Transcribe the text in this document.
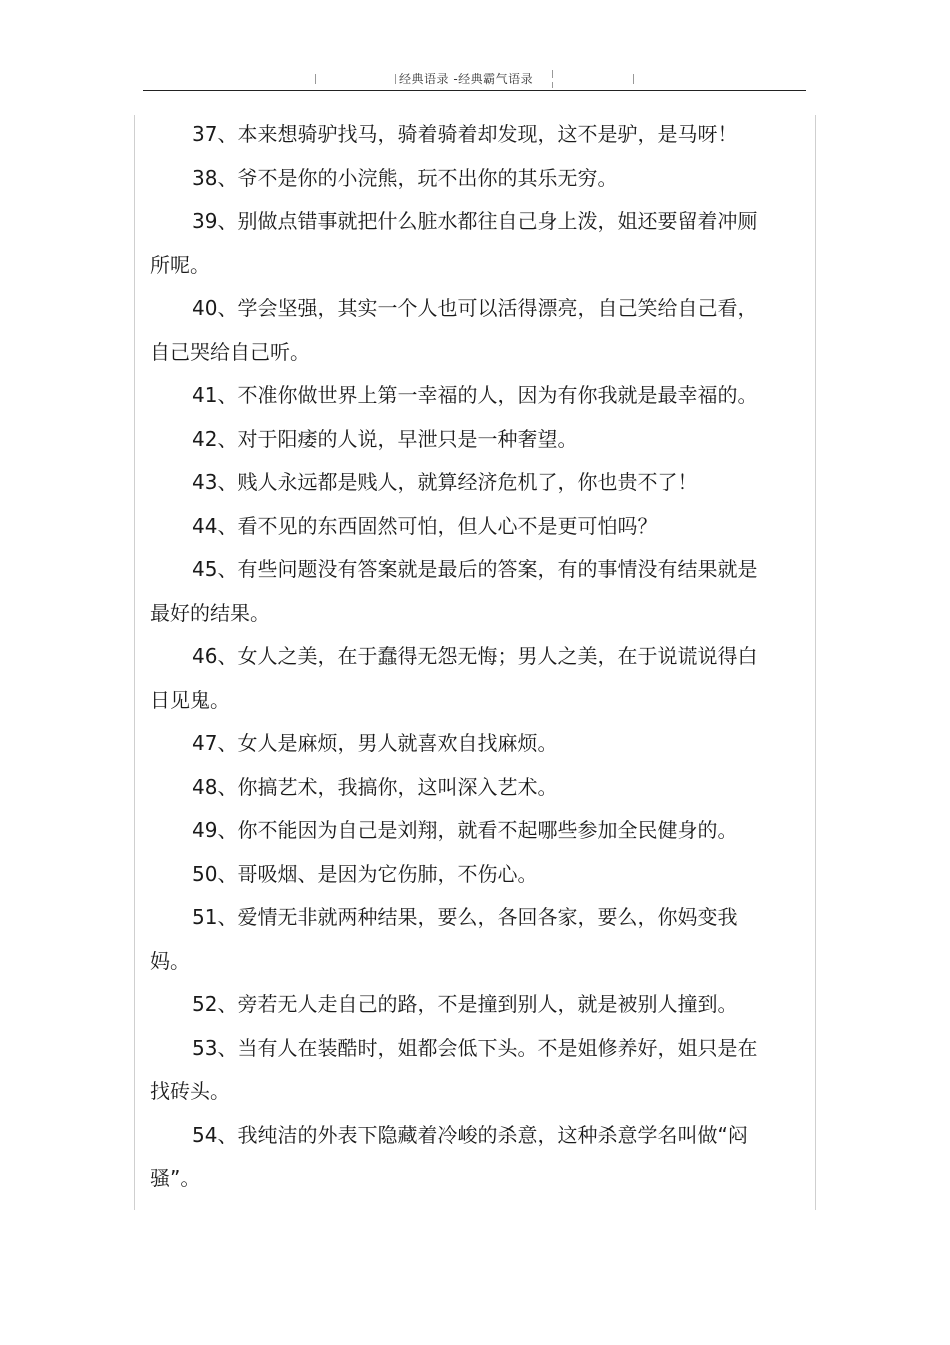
经典语录 -经典霸气语录

37、本来想骑驴找马，骑着骑着却发现，这不是驴，是马呀！

38、爷不是你的小浣熊，玩不出你的其乐无穷。

39、别做点错事就把什么脏水都往自己身上泼，姐还要留着冲厕所呢。

40、学会坚强，其实一个人也可以活得漂亮，自己笑给自己看，自己哭给自己听。

41、不准你做世界上第一幸福的人，因为有你我就是最幸福的。

42、对于阳痿的人说，早泄只是一种奢望。

43、贱人永远都是贱人，就算经济危机了，你也贵不了！

44、看不见的东西固然可怕，但人心不是更可怕吗？

45、有些问题没有答案就是最后的答案，有的事情没有结果就是最好的结果。

46、女人之美，在于蠢得无怨无悔；男人之美，在于说谎说得白日见鬼。

47、女人是麻烦，男人就喜欢自找麻烦。

48、你搞艺术，我搞你，这叫深入艺术。

49、你不能因为自己是刘翔，就看不起哪些参加全民健身的。

50、哥吸烟、是因为它伤肺，不伤心。

51、爱情无非就两种结果，要么，各回各家，要么，你妈变我妈。

52、旁若无人走自己的路，不是撞到别人，就是被别人撞到。

53、当有人在装酷时，姐都会低下头。不是姐修养好，姐只是在找砖头。

54、我纯洁的外表下隐藏着冷峻的杀意，这种杀意学名叫做“闷骚”。
